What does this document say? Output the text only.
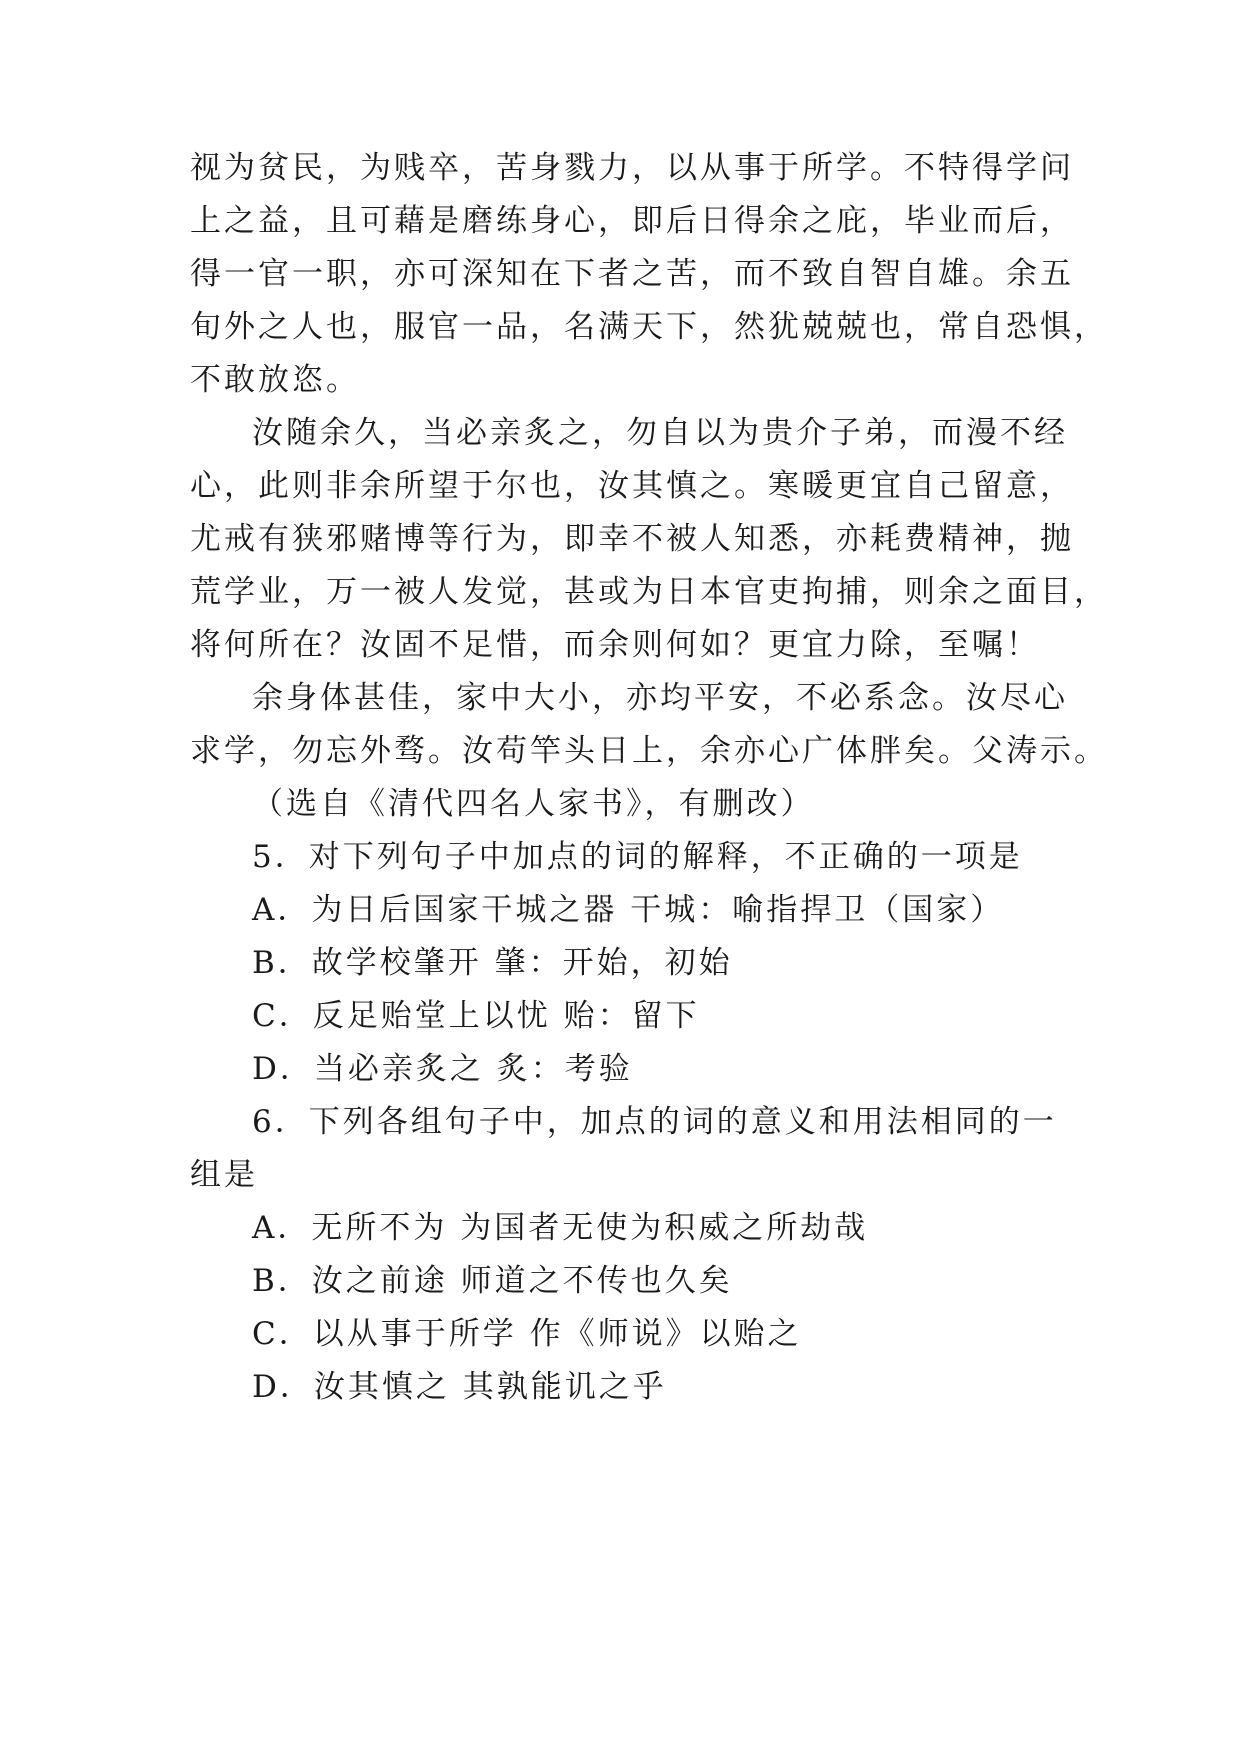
视为贫民，为贱卒，苦身戮力，以从事于所学。不特得学问
上之益，且可藉是磨练身心，即后日得余之庇，毕业而后，
得一官一职，亦可深知在下者之苦，而不致自智自雄。余五
旬外之人也，服官一品，名满天下，然犹兢兢也，常自恐惧，
不敢放恣。
汝随余久，当必亲炙之，勿自以为贵介子弟，而漫不经
心，此则非余所望于尔也，汝其慎之。寒暖更宜自己留意，
尤戒有狭邪赌博等行为，即幸不被人知悉，亦耗费精神，抛
荒学业，万一被人发觉，甚或为日本官吏拘捕，则余之面目，
将何所在？汝固不足惜，而余则何如？更宜力除，至嘱！
余身体甚佳，家中大小，亦均平安，不必系念。汝尽心
求学，勿忘外骛。汝苟竿头日上，余亦心广体胖矣。父涛示。
（选自《清代四名人家书》，有删改）
5．对下列句子中加点的词的解释，不正确的一项是
A．为日后国家干城之器 干城：喻指捍卫（国家）
B．故学校肇开 肇：开始，初始
C．反足贻堂上以忧 贻：留下
D．当必亲炙之 炙：考验
6．下列各组句子中，加点的词的意义和用法相同的一
组是
A．无所不为 为国者无使为积威之所劫哉
B．汝之前途 师道之不传也久矣
C．以从事于所学 作《师说》以贻之
D．汝其慎之 其孰能讥之乎
